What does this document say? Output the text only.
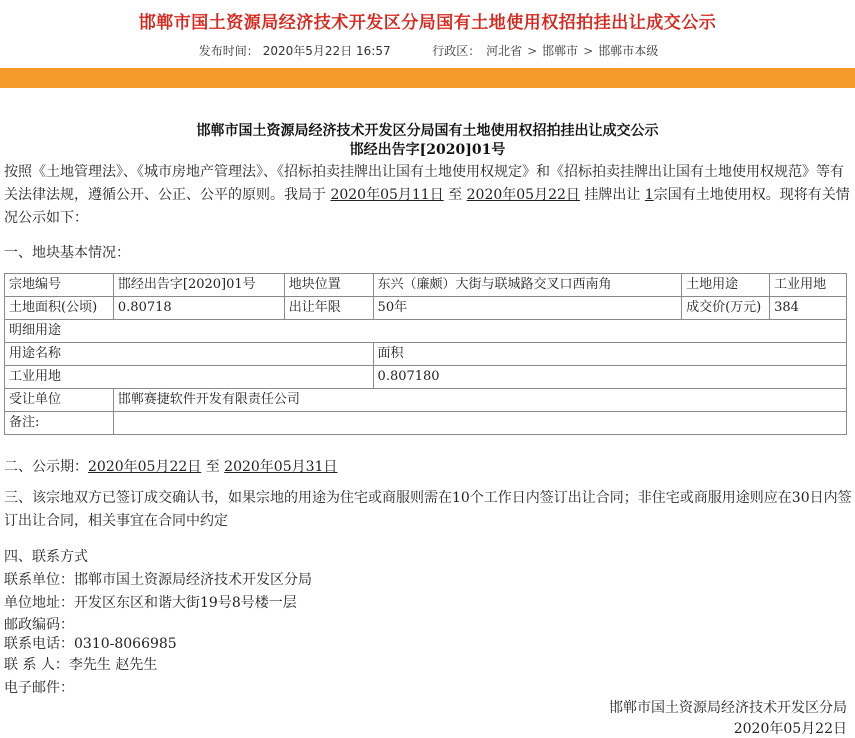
邯郸市国土资源局经济技术开发区分局国有土地使用权招拍挂出让成交公示
发布时间： 2020年5月22日 16:57	行政区： 河北省 > 邯郸市 > 邯郸市本级
邯郸市国土资源局经济技术开发区分局国有土地使用权招拍挂出让成交公示
邯经出告字[2020]01号
按照《土地管理法》、《城市房地产管理法》、《招标拍卖挂牌出让国有土地使用权规定》和《招标拍卖挂牌出让国有土地使用权规范》等有关法律法规，遵循公开、公正、公平的原则。我局于 2020年05月11日 至 2020年05月22日 挂牌出让 1宗国有土地使用权。现将有关情况公示如下：
一、地块基本情况：
宗地编号	邯经出告字[2020]01号	地块位置	东兴（廉颇）大街与联城路交叉口西南角	土地用途	工业用地
土地面积(公顷)	0.80718	出让年限	50年	成交价(万元)	384
明细用途					
用途名称			面积		
工业用地			0.807180		
受让单位	邯郸赛捷软件开发有限责任公司				
备注:					
二、公示期：2020年05月22日 至 2020年05月31日
三、该宗地双方已签订成交确认书，如果宗地的用途为住宅或商服则需在10个工作日内签订出让合同；非住宅或商服用途则应在30日内签订出让合同，相关事宜在合同中约定
四、联系方式
联系单位：邯郸市国土资源局经济技术开发区分局
单位地址：开发区东区和谐大街19号8号楼一层
邮政编码：
联系电话：0310-8066985
联 系 人：李先生 赵先生
电子邮件：
邯郸市国土资源局经济技术开发区分局
2020年05月22日
